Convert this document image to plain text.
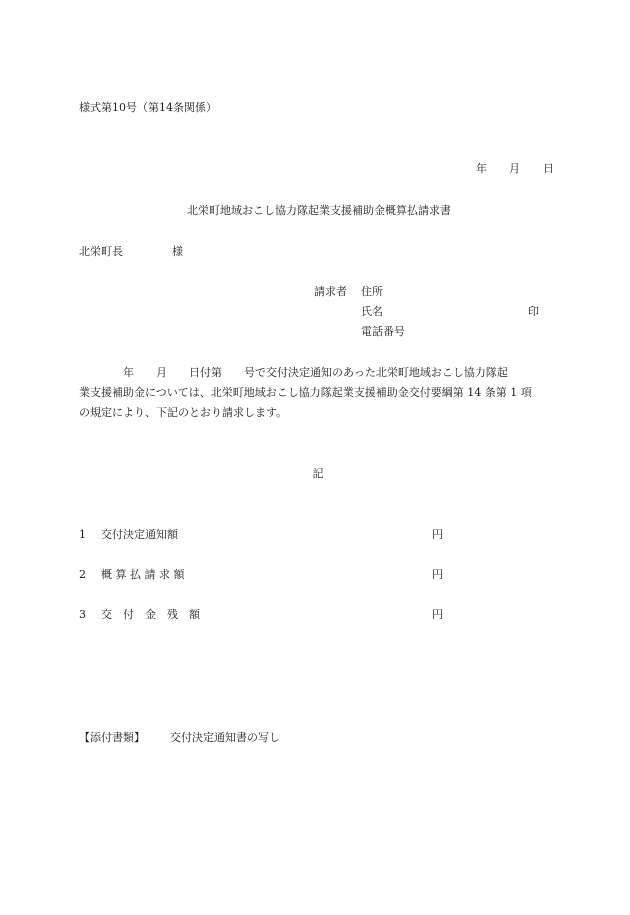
様式第10号（第14条関係）
年 月 日
北栄町地域おこし協力隊起業支援補助金概算払請求書
北栄町長	様
請求者 住所
氏名	印
電話番号
　　　　年　　月　　日付第　　号で交付決定通知のあった北栄町地域おこし協力隊起
業支援補助金については、北栄町地域おこし協力隊起業支援補助金交付要綱第 14 条第 1 項
の規定により、下記のとおり請求します。
記
1 交付決定通知額	円
2 概 算 払 請 求 額	円
3 交　付　金　残　額	円
【添付書類】 交付決定通知書の写し
